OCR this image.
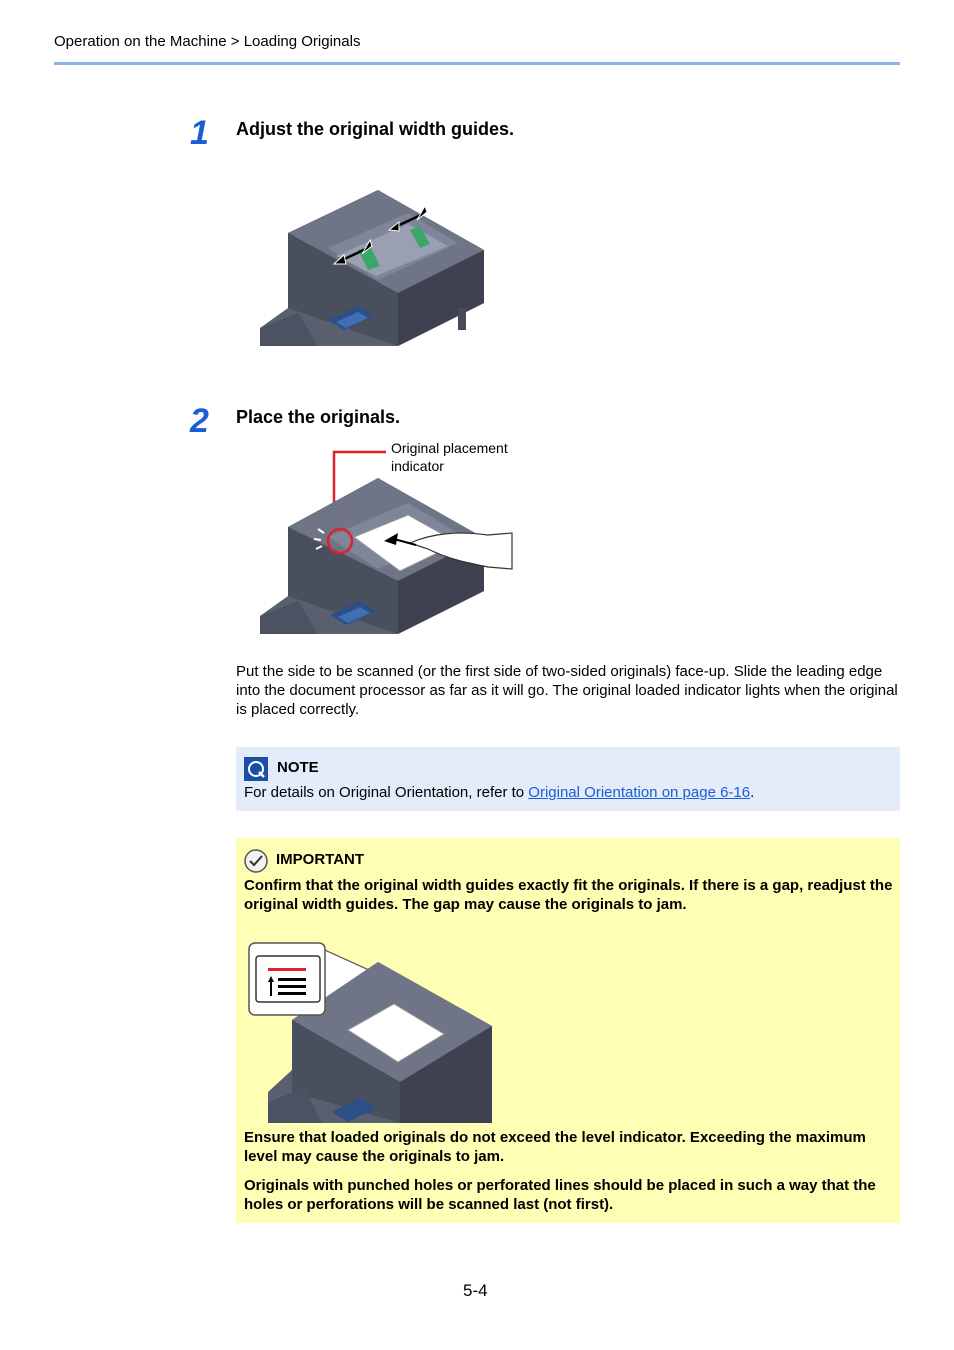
Operation on the Machine > Loading Originals
1 Adjust the original width guides.
2 Place the originals.
Original placement
indicator
Put the side to be scanned (or the first side of two-sided originals) face-up. Slide the leading edge into the document processor as far as it will go. The original loaded indicator lights when the original is placed correctly.
NOTE
For details on Original Orientation, refer to Original Orientation on page 6-16.
IMPORTANT

Confirm that the original width guides exactly fit the originals. If there is a gap, readjust the original width guides. The gap may cause the originals to jam.

Ensure that loaded originals do not exceed the level indicator. Exceeding the maximum level may cause the originals to jam.

Originals with punched holes or perforated lines should be placed in such a way that the holes or perforations will be scanned last (not first).

5-4
